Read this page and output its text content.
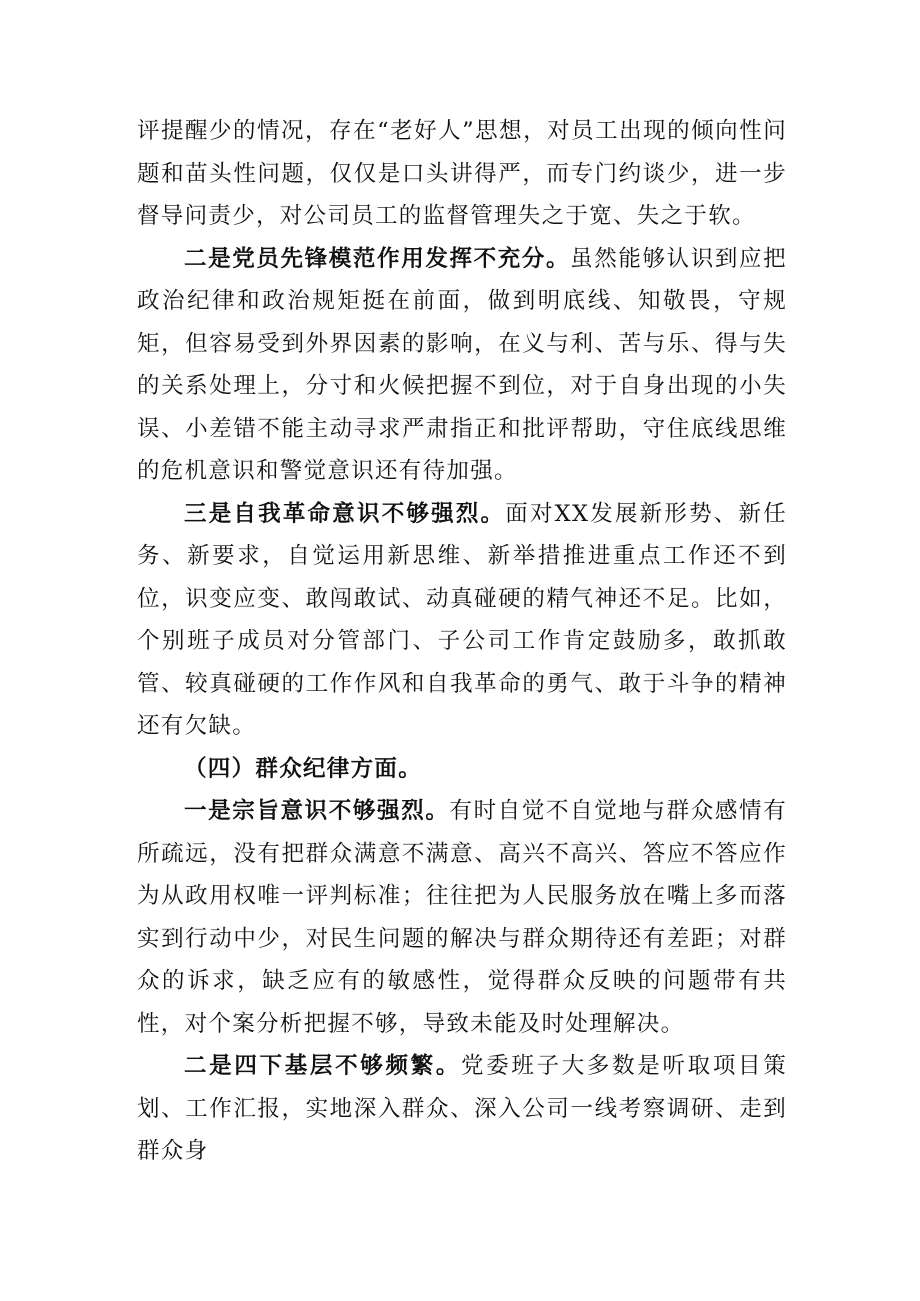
评提醒少的情况，存在“老好人”思想，对员工出现的倾向性问题和苗头性问题，仅仅是口头讲得严，而专门约谈少，进一步督导问责少，对公司员工的监督管理失之于宽、失之于软。

二是党员先锋模范作用发挥不充分。虽然能够认识到应把政治纪律和政治规矩挺在前面，做到明底线、知敬畏，守规矩，但容易受到外界因素的影响，在义与利、苦与乐、得与失的关系处理上，分寸和火候把握不到位，对于自身出现的小失误、小差错不能主动寻求严肃指正和批评帮助，守住底线思维的危机意识和警觉意识还有待加强。

三是自我革命意识不够强烈。面对XX发展新形势、新任务、新要求，自觉运用新思维、新举措推进重点工作还不到位，识变应变、敢闯敢试、动真碰硬的精气神还不足。比如，个别班子成员对分管部门、子公司工作肯定鼓励多，敢抓敢管、较真碰硬的工作作风和自我革命的勇气、敢于斗争的精神还有欠缺。

（四）群众纪律方面。

一是宗旨意识不够强烈。有时自觉不自觉地与群众感情有所疏远，没有把群众满意不满意、高兴不高兴、答应不答应作为从政用权唯一评判标准；往往把为人民服务放在嘴上多而落实到行动中少，对民生问题的解决与群众期待还有差距；对群众的诉求，缺乏应有的敏感性，觉得群众反映的问题带有共性，对个案分析把握不够，导致未能及时处理解决。

二是四下基层不够频繁。党委班子大多数是听取项目策划、工作汇报，实地深入群众、深入公司一线考察调研、走到群众身
